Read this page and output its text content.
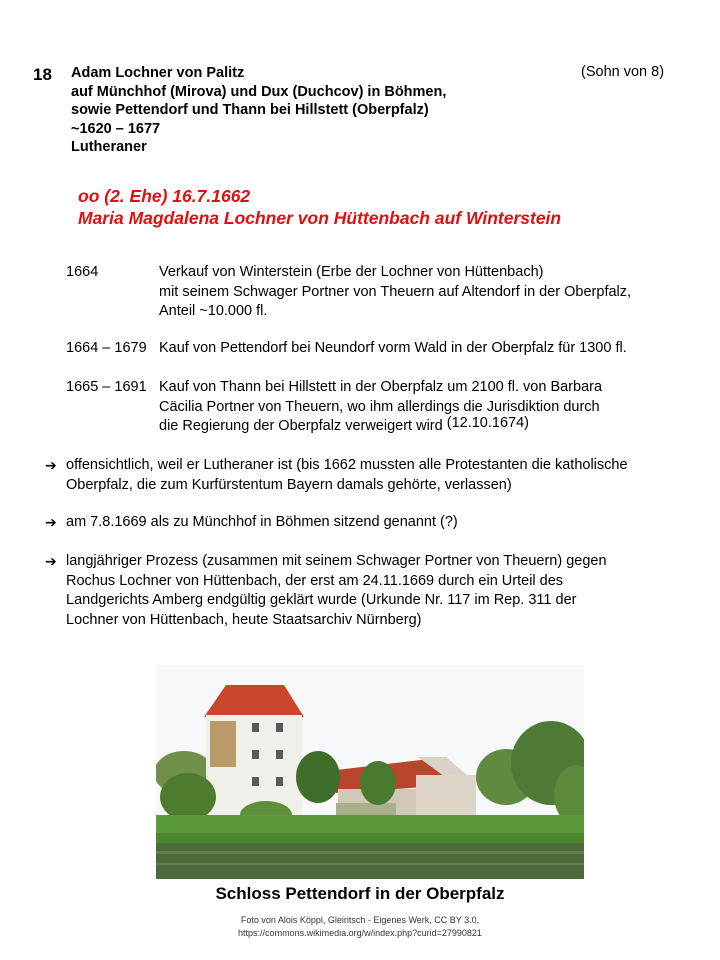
18 Adam Lochner von Palitz
auf Münchhof (Mirova) und Dux (Duchcov) in Böhmen,
sowie Pettendorf und Thann bei Hillstett (Oberpfalz)
~1620 – 1677
Lutheraner
(Sohn von 8)
oo (2. Ehe) 16.7.1662
Maria Magdalena Lochner von Hüttenbach auf Winterstein
1664	Verkauf von Winterstein (Erbe der Lochner von Hüttenbach)
mit seinem Schwager Portner von Theuern auf Altendorf in der Oberpfalz,
Anteil ~10.000 fl.
1664 – 1679 Kauf von Pettendorf bei Neundorf vorm Wald in der Oberpfalz für 1300 fl.
1665 – 1691 Kauf von Thann bei Hillstett in der Oberpfalz um 2100 fl. von Barbara
Cäcilia Portner von Theuern, wo ihm allerdings die Jurisdiktion durch
die Regierung der Oberpfalz verweigert wird (12.10.1674)
➔ offensichtlich, weil er Lutheraner ist (bis 1662 mussten alle Protestanten die katholische
Oberpfalz, die zum Kurfürstentum Bayern damals gehörte, verlassen)
➔ am 7.8.1669 als zu Münchhof in Böhmen sitzend genannt (?)
➔ langjähriger Prozess (zusammen mit seinem Schwager Portner von Theuern) gegen
Rochus Lochner von Hüttenbach, der erst am 24.11.1669 durch ein Urteil des
Landgerichts Amberg endgültig geklärt wurde (Urkunde Nr. 117 im Rep. 311 der
Lochner von Hüttenbach, heute Staatsarchiv Nürnberg)
Schloss Pettendorf in der Oberpfalz
Foto von Alois Köppl, Gleiritsch - Eigenes Werk, CC BY 3.0,
https://commons.wikimedia.org/w/index.php?curid=27990821
